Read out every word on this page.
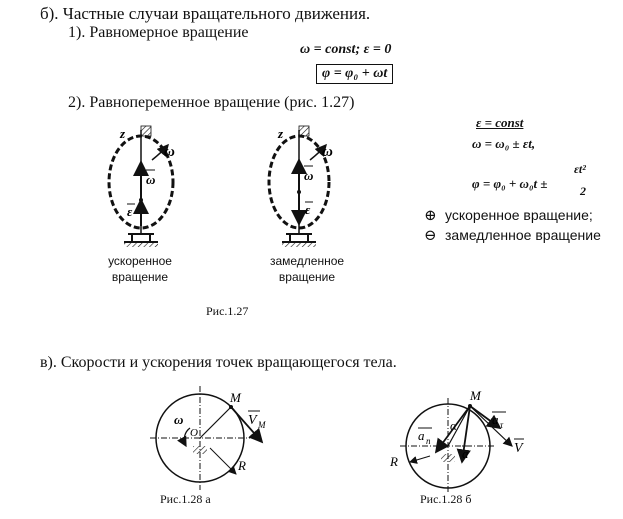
б). Частные случаи вращательного движения.
1). Равномерное вращение
ω = const; ε = 0
φ = φ₀ + ωt
2). Равнопеременное вращение (рис. 1.27)
ε = const
ω = ω₀ ± εt,
φ = φ₀ + ω₀t ±
εt²
2
⊕ ускоренное вращение;
⊖ замедленное вращение
ускоренное
вращение
замедленное
вращение
Рис.1.27
в). Скорости и ускорения точек вращающегося тела.
Рис.1.28 а	Рис.1.28 б
z
ω
ω
ε
z
ω
ω
ε
ω
O
M
R
V M
M
α
a n
a
a τ
R
V
